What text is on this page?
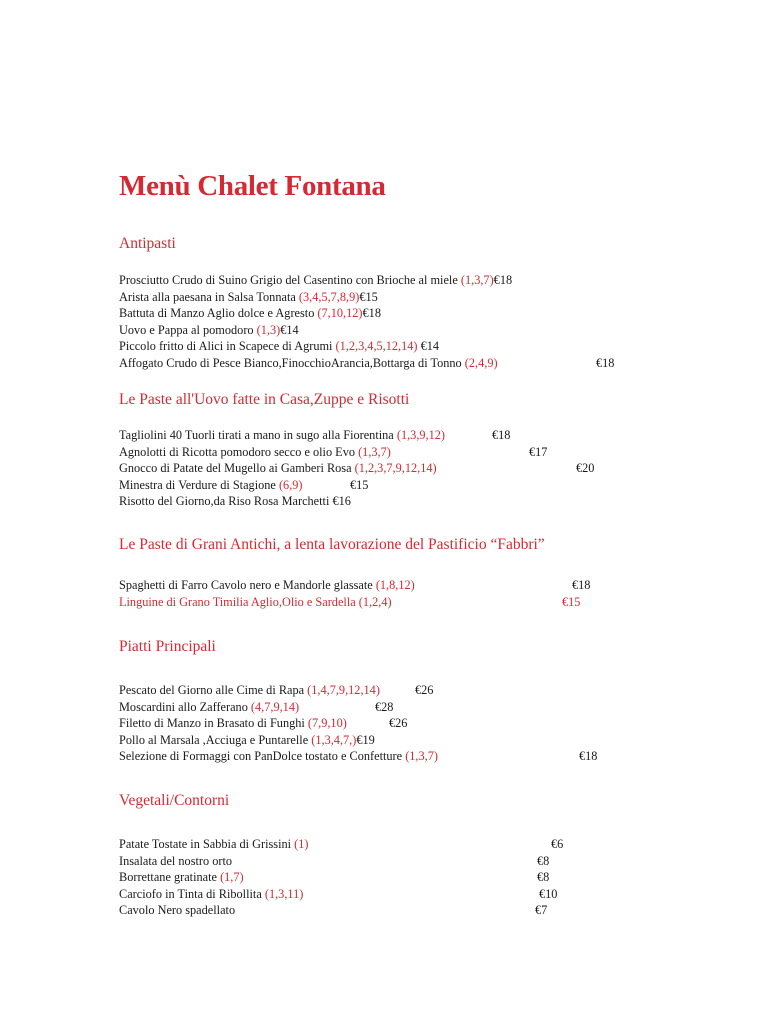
Menù Chalet Fontana
Antipasti
Prosciutto Crudo di Suino Grigio del Casentino con Brioche al miele (1,3,7)€18
Arista alla paesana in Salsa Tonnata (3,4,5,7,8,9)€15
Battuta di Manzo Aglio dolce e Agresto (7,10,12)€18
Uovo e Pappa al pomodoro (1,3)€14
Piccolo fritto di Alici in Scapece di Agrumi (1,2,3,4,5,12,14) €14
Affogato Crudo di Pesce Bianco,FinocchioArancia,Bottarga di Tonno (2,4,9)	€18
Le Paste all'Uovo fatte in Casa,Zuppe e Risotti
Tagliolini 40 Tuorli tirati a mano in sugo alla Fiorentina (1,3,9,12)	€18
Agnolotti di Ricotta pomodoro secco e olio Evo (1,3,7)	€17
Gnocco di Patate del Mugello ai Gamberi Rosa (1,2,3,7,9,12,14)	€20
Minestra di Verdure di Stagione (6,9)	€15
Risotto del Giorno,da Riso Rosa Marchetti €16
Le Paste di Grani Antichi, a lenta lavorazione del Pastificio “Fabbri”
Spaghetti di Farro Cavolo nero e Mandorle glassate (1,8,12)	€18
Linguine di Grano Timilia Aglio,Olio e Sardella (1,2,4)	€15
Piatti Principali
Pescato del Giorno alle Cime di Rapa (1,4,7,9,12,14)	€26
Moscardini allo Zafferano (4,7,9,14)	€28
Filetto di Manzo in Brasato di Funghi (7,9,10)	€26
Pollo al Marsala ,Acciuga e Puntarelle (1,3,4,7,)€19
Selezione di Formaggi con PanDolce tostato e Confetture (1,3,7)	€18
Vegetali/Contorni
Patate Tostate in Sabbia di Grissini (1)	€6
Insalata del nostro orto	€8
Borrettane gratinate (1,7)	€8
Carciofo in Tinta di Ribollita (1,3,11)	€10
Cavolo Nero spadellato	€7
